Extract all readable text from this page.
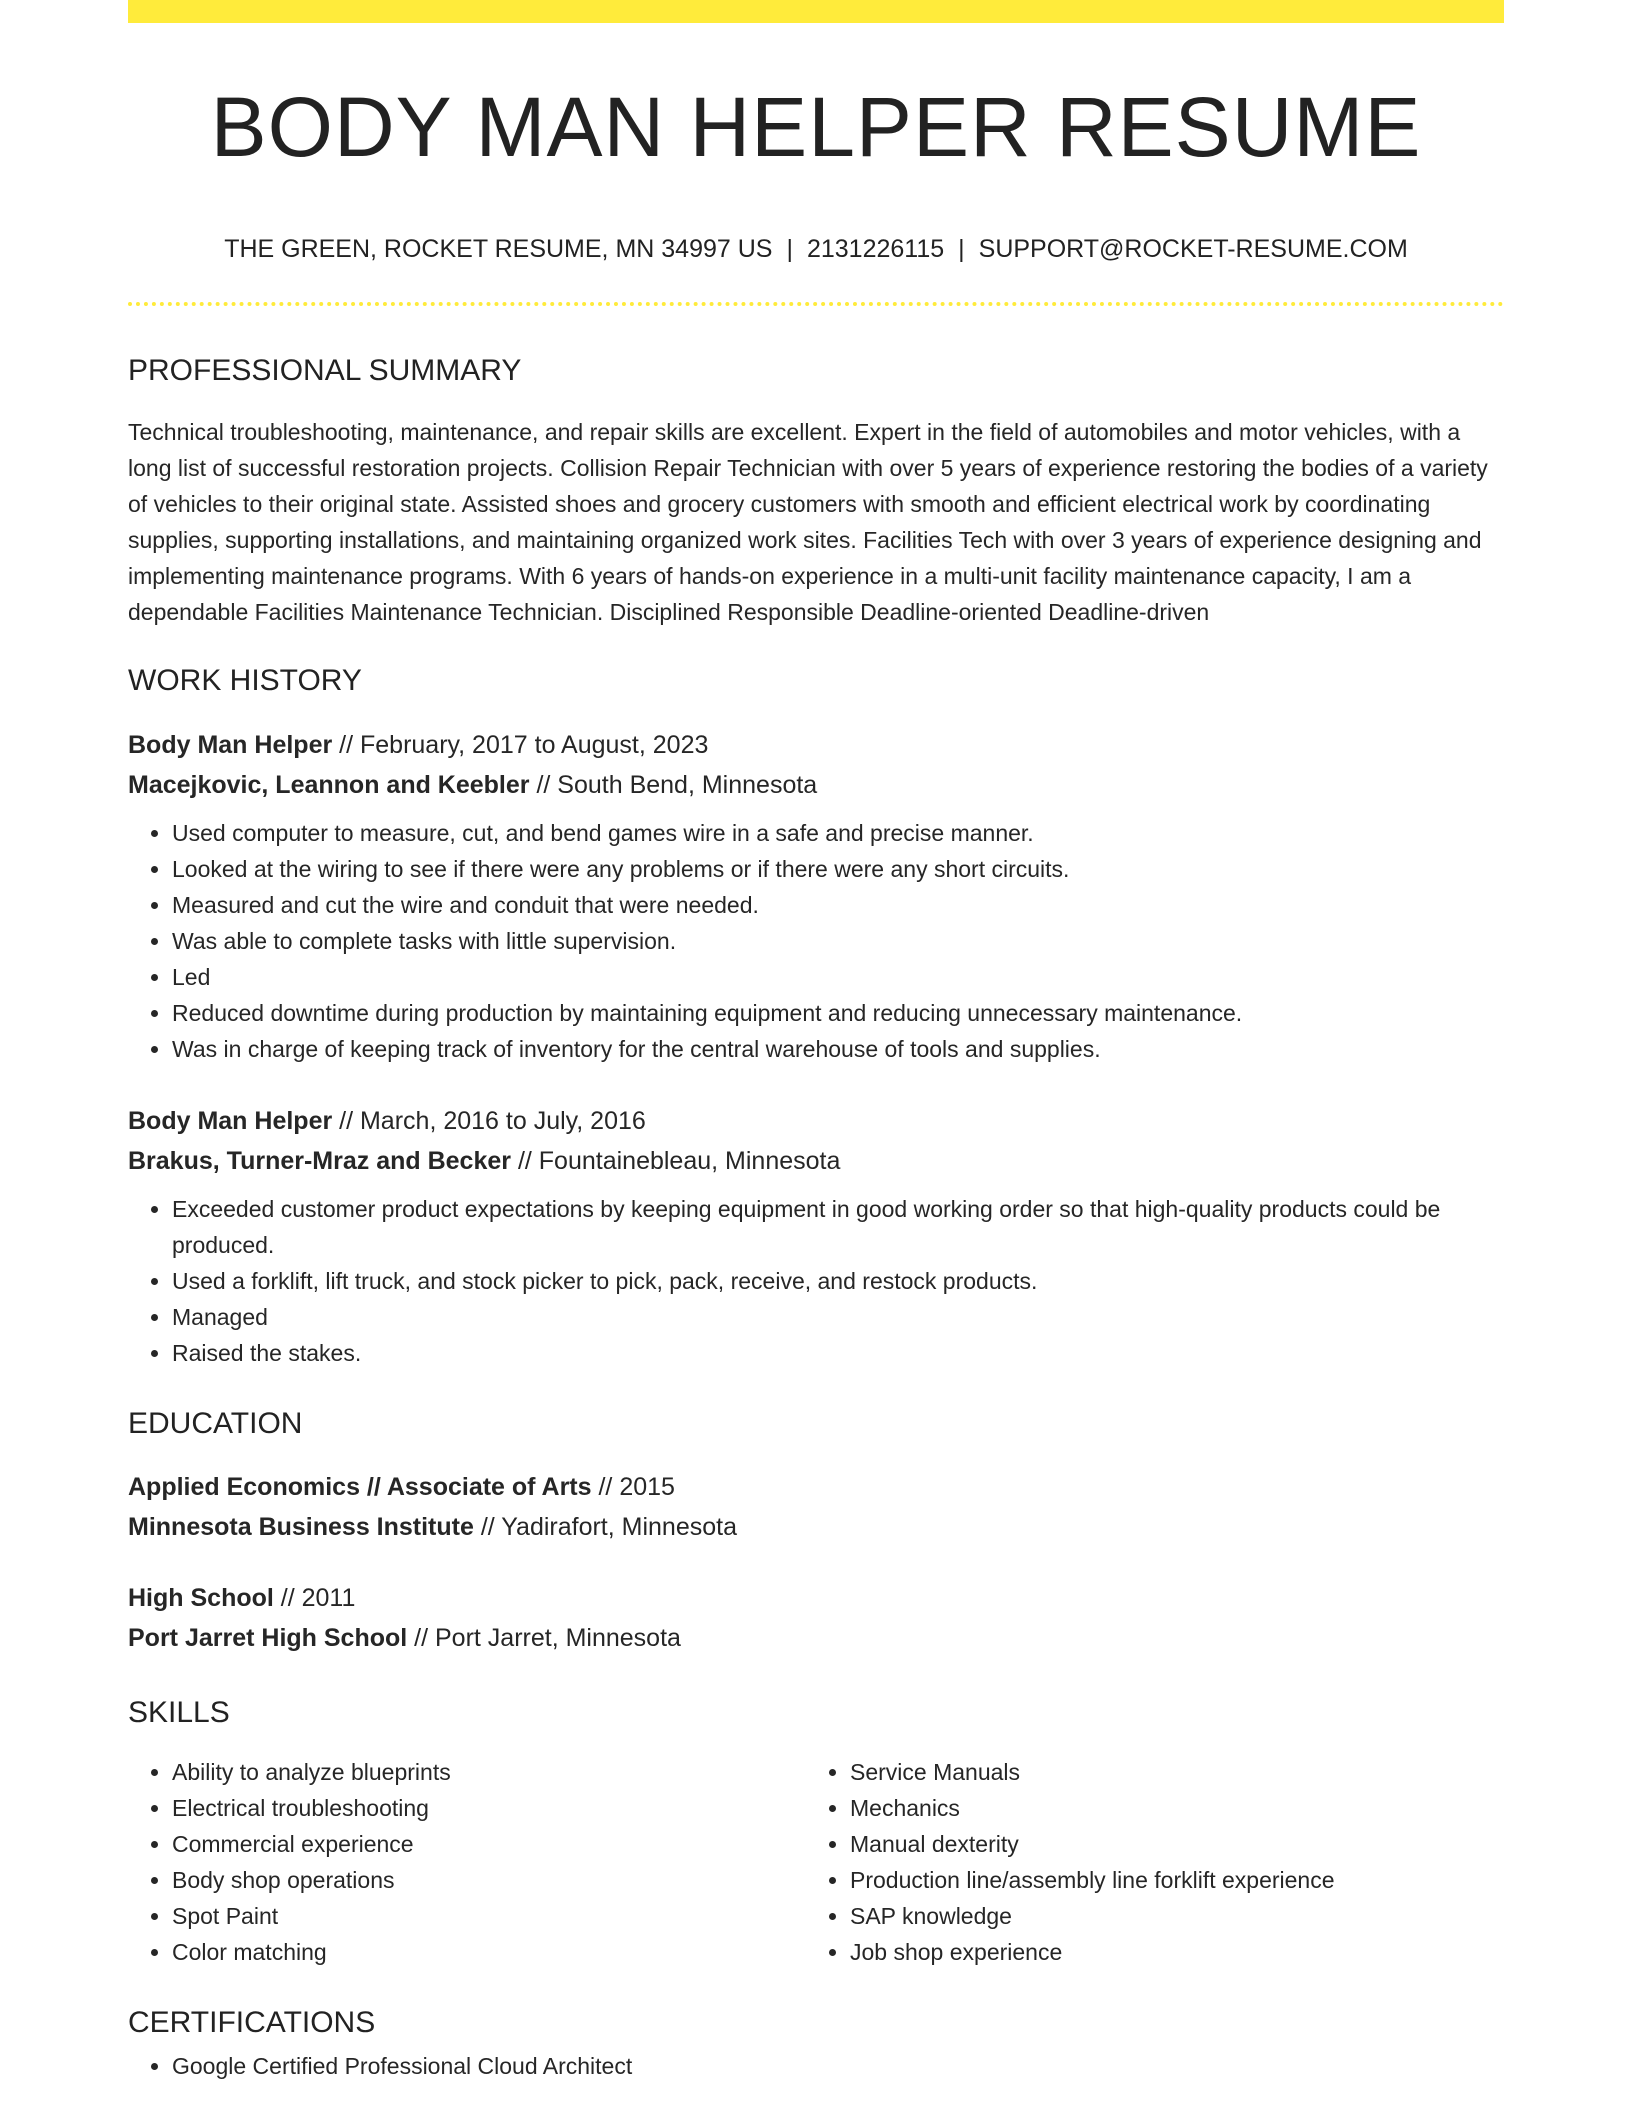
BODY MAN HELPER RESUME
THE GREEN, ROCKET RESUME, MN 34997 US | 2131226115 | SUPPORT@ROCKET-RESUME.COM
PROFESSIONAL SUMMARY
Technical troubleshooting, maintenance, and repair skills are excellent. Expert in the field of automobiles and motor vehicles, with a long list of successful restoration projects. Collision Repair Technician with over 5 years of experience restoring the bodies of a variety of vehicles to their original state. Assisted shoes and grocery customers with smooth and efficient electrical work by coordinating supplies, supporting installations, and maintaining organized work sites. Facilities Tech with over 3 years of experience designing and implementing maintenance programs. With 6 years of hands-on experience in a multi-unit facility maintenance capacity, I am a dependable Facilities Maintenance Technician. Disciplined Responsible Deadline-oriented Deadline-driven
WORK HISTORY
Body Man Helper // February, 2017 to August, 2023
Macejkovic, Leannon and Keebler // South Bend, Minnesota
• Used computer to measure, cut, and bend games wire in a safe and precise manner.
• Looked at the wiring to see if there were any problems or if there were any short circuits.
• Measured and cut the wire and conduit that were needed.
• Was able to complete tasks with little supervision.
• Led
• Reduced downtime during production by maintaining equipment and reducing unnecessary maintenance.
• Was in charge of keeping track of inventory for the central warehouse of tools and supplies.
Body Man Helper // March, 2016 to July, 2016
Brakus, Turner-Mraz and Becker // Fountainebleau, Minnesota
• Exceeded customer product expectations by keeping equipment in good working order so that high-quality products could be produced.
• Used a forklift, lift truck, and stock picker to pick, pack, receive, and restock products.
• Managed
• Raised the stakes.
EDUCATION
Applied Economics // Associate of Arts // 2015
Minnesota Business Institute // Yadirafort, Minnesota
High School // 2011
Port Jarret High School // Port Jarret, Minnesota
SKILLS
• Ability to analyze blueprints
• Electrical troubleshooting
• Commercial experience
• Body shop operations
• Spot Paint
• Color matching
• Service Manuals
• Mechanics
• Manual dexterity
• Production line/assembly line forklift experience
• SAP knowledge
• Job shop experience
CERTIFICATIONS
• Google Certified Professional Cloud Architect
